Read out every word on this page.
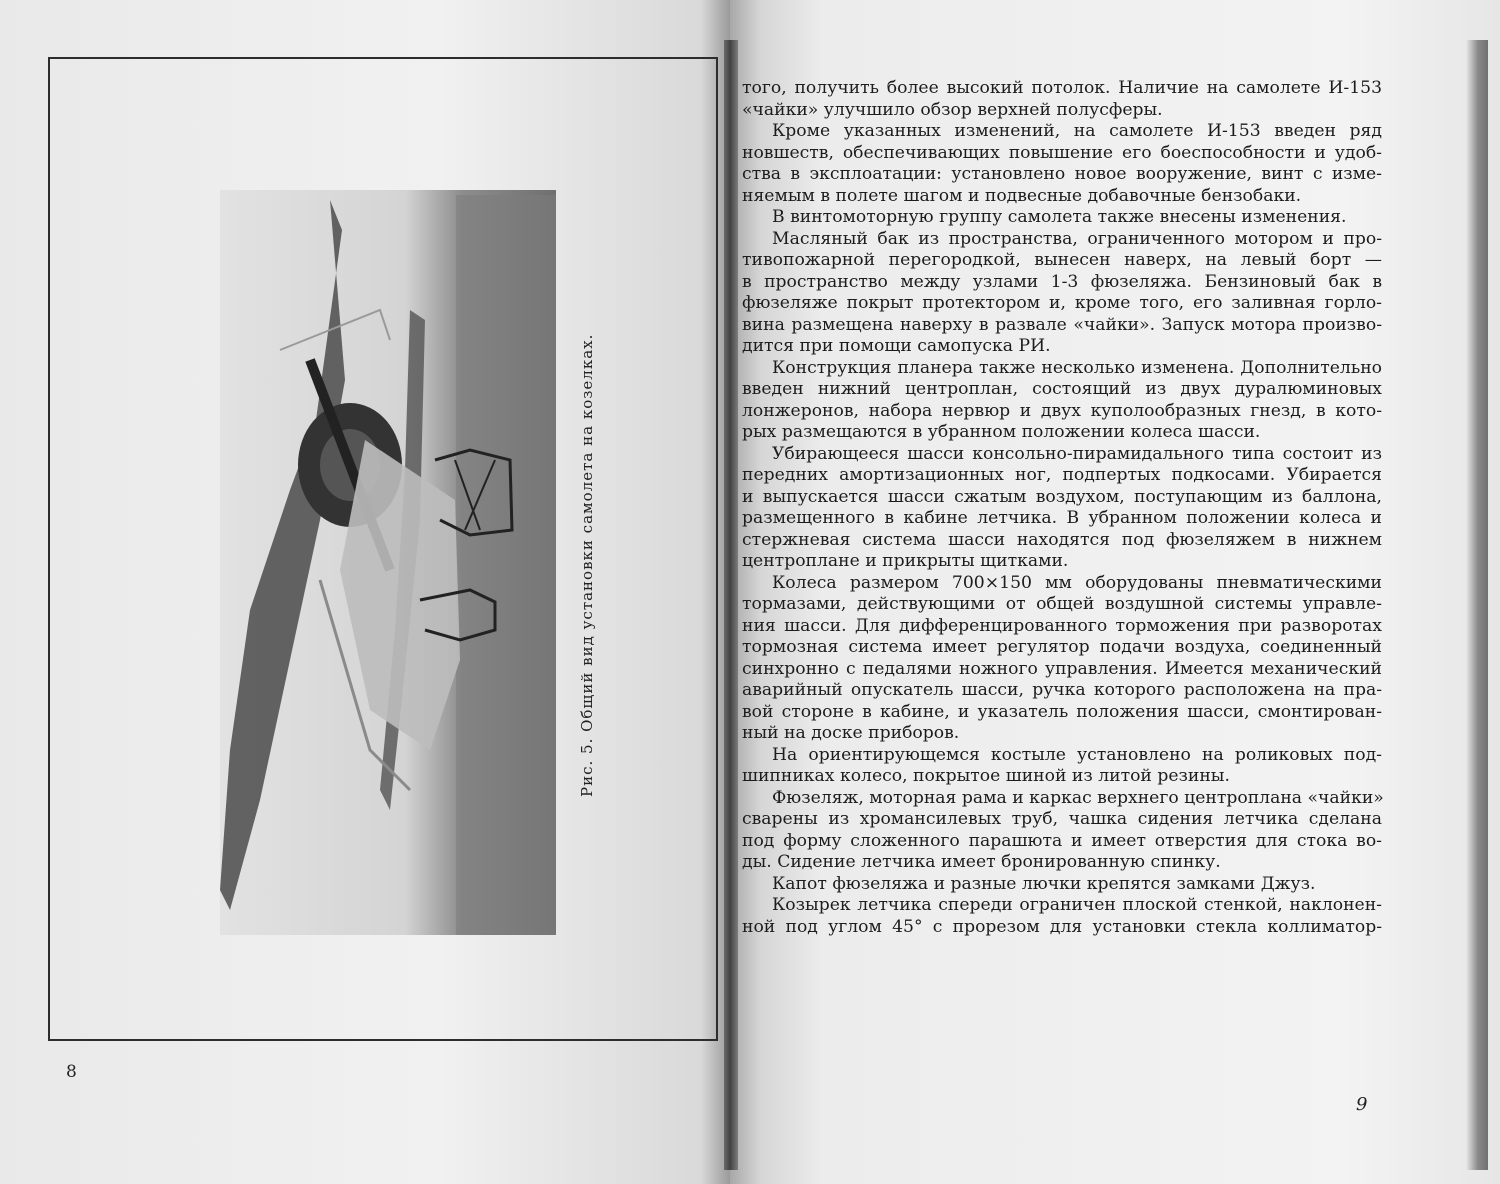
Рис. 5. Общий вид установки самолета на козелках.
8
того, получить более высокий потолок. Наличие на самолете И-153
«чайки» улучшило обзор верхней полусферы.
Кроме указанных изменений, на самолете И-153 введен ряд
новшеств, обеспечивающих повышение его боеспособности и удоб-
ства в эксплоатации: установлено новое вооружение, винт с изме-
няемым в полете шагом и подвесные добавочные бензобаки.
В винтомоторную группу самолета также внесены изменения.
Масляный бак из пространства, ограниченного мотором и про-
тивопожарной перегородкой, вынесен наверх, на левый борт —
в пространство между узлами 1-3 фюзеляжа. Бензиновый бак в
фюзеляже покрыт протектором и, кроме того, его заливная горло-
вина размещена наверху в развале «чайки». Запуск мотора произво-
дится при помощи самопуска РИ.
Конструкция планера также несколько изменена. Дополнительно
введен нижний центроплан, состоящий из двух дуралюминовых
лонжеронов, набора нервюр и двух куполообразных гнезд, в кото-
рых размещаются в убранном положении колеса шасси.
Убирающееся шасси консольно-пирамидального типа состоит из
передних амортизационных ног, подпертых подкосами. Убирается
и выпускается шасси сжатым воздухом, поступающим из баллона,
размещенного в кабине летчика. В убранном положении колеса и
стержневая система шасси находятся под фюзеляжем в нижнем
центроплане и прикрыты щитками.
Колеса размером 700×150 мм оборудованы пневматическими
тормазами, действующими от общей воздушной системы управле-
ния шасси. Для дифференцированного торможения при разворотах
тормозная система имеет регулятор подачи воздуха, соединенный
синхронно с педалями ножного управления. Имеется механический
аварийный опускатель шасси, ручка которого расположена на пра-
вой стороне в кабине, и указатель положения шасси, смонтирован-
ный на доске приборов.
На ориентирующемся костыле установлено на роликовых под-
шипниках колесо, покрытое шиной из литой резины.
Фюзеляж, моторная рама и каркас верхнего центроплана «чайки»
сварены из хромансилевых труб, чашка сидения летчика сделана
под форму сложенного парашюта и имеет отверстия для стока во-
ды. Сидение летчика имеет бронированную спинку.
Капот фюзеляжа и разные лючки крепятся замками Джуз.
Козырек летчика спереди ограничен плоской стенкой, наклонен-
ной под углом 45° с прорезом для установки стекла коллиматор-
9
